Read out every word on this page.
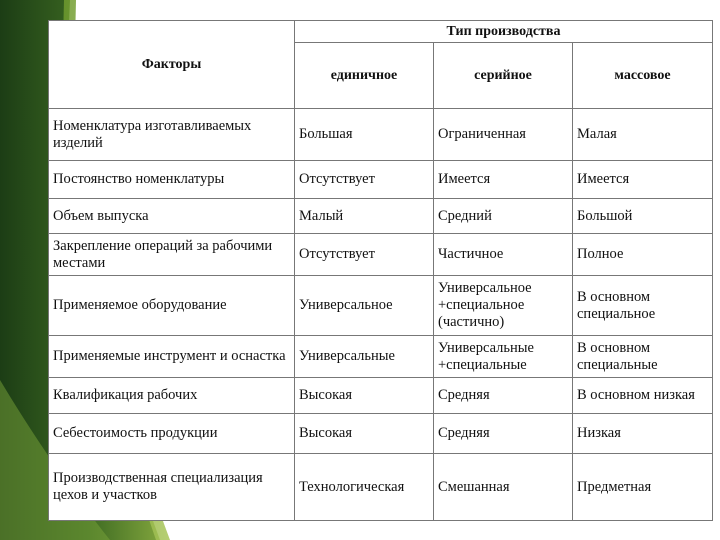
Факторы	Тип производства		
	единичное	серийное	массовое
Номенклатура изготавливаемых изделий	Большая	Ограниченная	Малая
Постоянство номенклатуры	Отсутствует	Имеется	Имеется
Объем выпуска	Малый	Средний	Большой
Закрепление операций за рабочими местами	Отсутствует	Частичное	Полное
Применяемое оборудование	Универсальное	Универсальное +специальное (частично)	В основном специальное
Применяемые инструмент и оснастка	Универсальные	Универсальные +специальные	В основном специальные
Квалификация рабочих	Высокая	Средняя	В основном низкая
Себестоимость продукции	Высокая	Средняя	Низкая
Производственная специализация цехов и участков	Технологическая	Смешанная	Предметная
